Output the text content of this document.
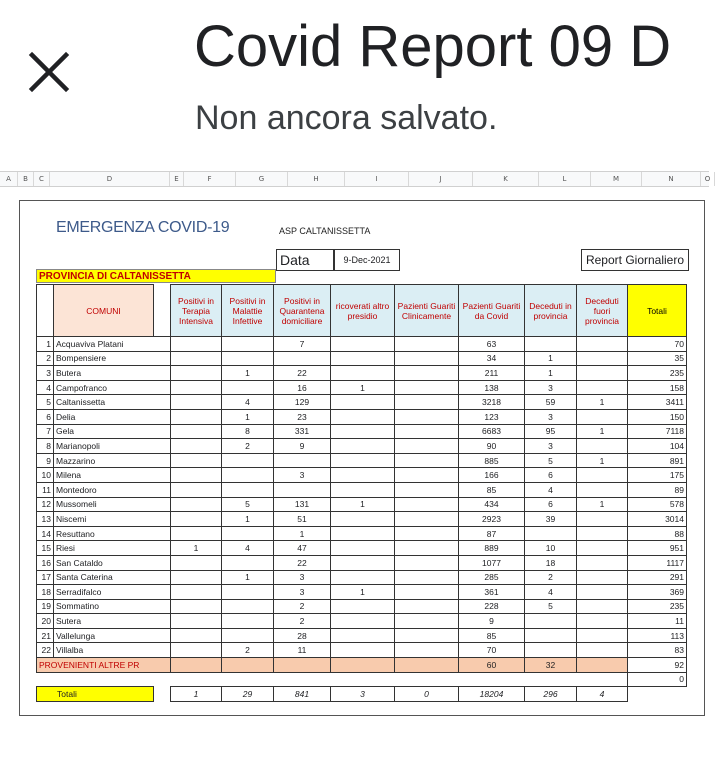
Covid Report 09 D
Non ancora salvato.
A	B	C	D	E	F	G	H	I	J	K	L	M	N	O
EMERGENZA COVID-19	ASP CALTANISSETTA
Data	9-Dec-2021	Report Giornaliero
PROVINCIA DI CALTANISSETTA
	COMUNI		Positivi in Terapia Intensiva	Positivi in Malattie Infettive	Positivi in Quarantena domiciliare	ricoverati altro presidio	Pazienti Guariti Clinicamente	Pazienti Guariti da Covid	Deceduti in provincia	Deceduti fuori provincia	Totali
1	Acquaviva Platani				7			63			70
2	Bompensiere							34	1		35
3	Butera			1	22			211	1		235
4	Campofranco				16	1		138	3		158
5	Caltanissetta			4	129			3218	59	1	3411
6	Delia			1	23			123	3		150
7	Gela			8	331			6683	95	1	7118
8	Marianopoli			2	9			90	3		104
9	Mazzarino							885	5	1	891
10	Milena				3			166	6		175
11	Montedoro							85	4		89
12	Mussomeli			5	131	1		434	6	1	578
13	Niscemi			1	51			2923	39		3014
14	Resuttano				1			87			88
15	Riesi		1	4	47			889	10		951
16	San Cataldo				22			1077	18		1117
17	Santa Caterina			1	3			285	2		291
18	Serradifalco				3	1		361	4		369
19	Sommatino				2			228	5		235
20	Sutera				2			9			11
21	Vallelunga				28			85			113
22	Villalba			2	11			70			83
PROVENIENTI ALTRE PR								60	32		92
											0
Totali			1	29	841	3	0	18204	296	4	
